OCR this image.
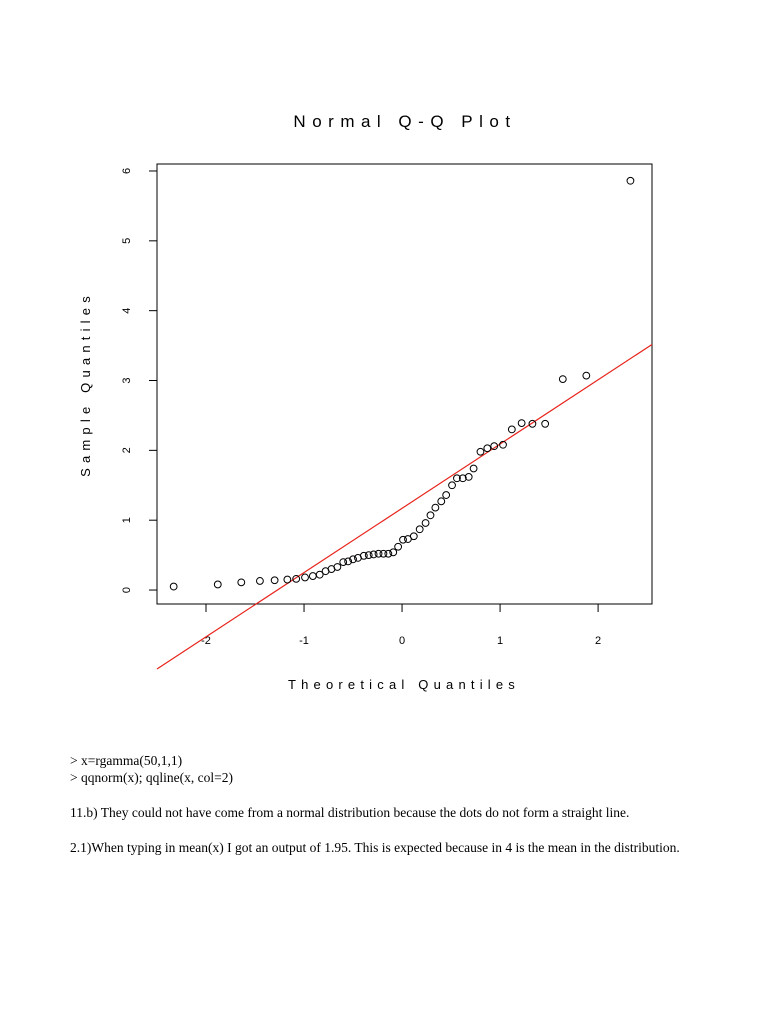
Normal Q-Q Plot
-2	-1	0	1	2
0
1
2
3
4
5
6
Theoretical Quantiles
Sample Quantiles

> x=rgamma(50,1,1)

> qqnorm(x); qqline(x, col=2)

11.b) They could not have come from a normal distribution because the dots do not form a straight line.

2.1)When typing in mean(x) I got an output of 1.95. This is expected because in 4 is the mean in the distribution.
